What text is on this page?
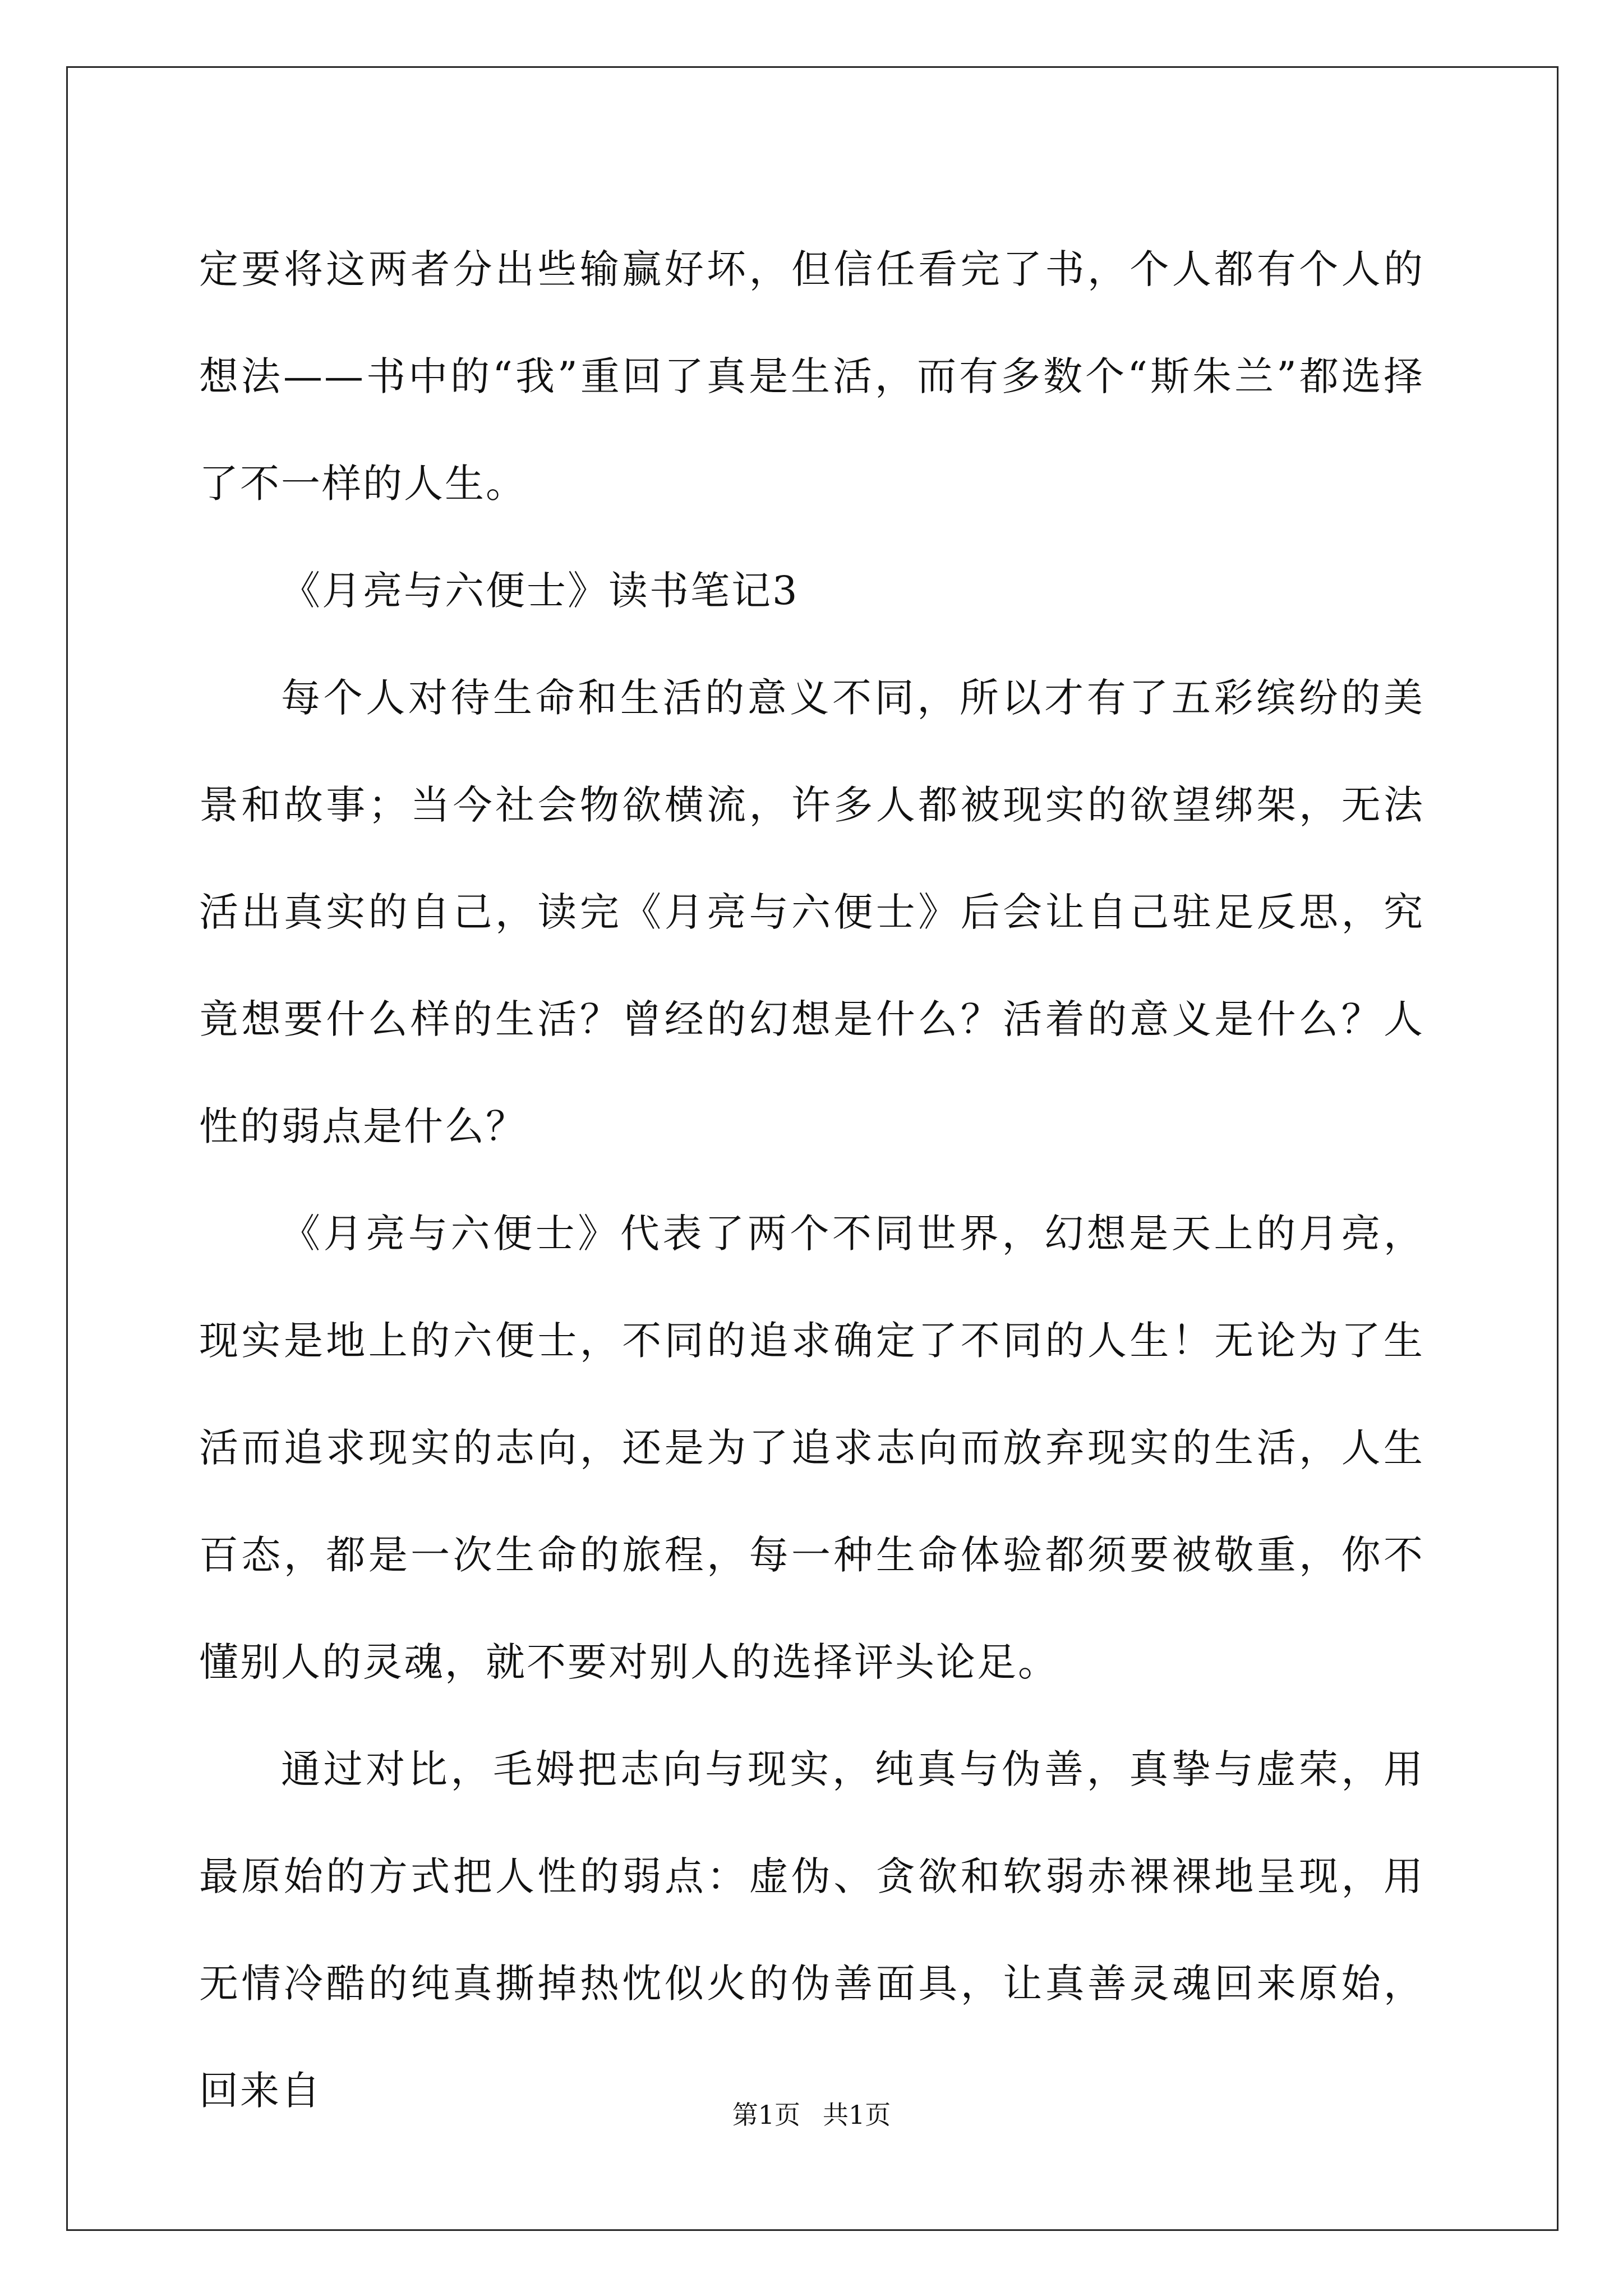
定要将这两者分出些输赢好坏，但信任看完了书，个人都有个人的想法——书中的“我”重回了真是生活，而有多数个“斯朱兰”都选择了不一样的人生。

《月亮与六便士》读书笔记3

每个人对待生命和生活的意义不同，所以才有了五彩缤纷的美景和故事；当今社会物欲横流，许多人都被现实的欲望绑架，无法活出真实的自己，读完《月亮与六便士》后会让自己驻足反思，究竟想要什么样的生活？曾经的幻想是什么？活着的意义是什么？人性的弱点是什么？

《月亮与六便士》代表了两个不同世界，幻想是天上的月亮，现实是地上的六便士，不同的追求确定了不同的人生！无论为了生活而追求现实的志向，还是为了追求志向而放弃现实的生活，人生百态，都是一次生命的旅程，每一种生命体验都须要被敬重，你不懂别人的灵魂，就不要对别人的选择评头论足。

通过对比，毛姆把志向与现实，纯真与伪善，真挚与虚荣，用最原始的方式把人性的弱点：虚伪、贪欲和软弱赤裸裸地呈现，用无情冷酷的纯真撕掉热忱似火的伪善面具，让真善灵魂回来原始，回来自

第1页 共1页
